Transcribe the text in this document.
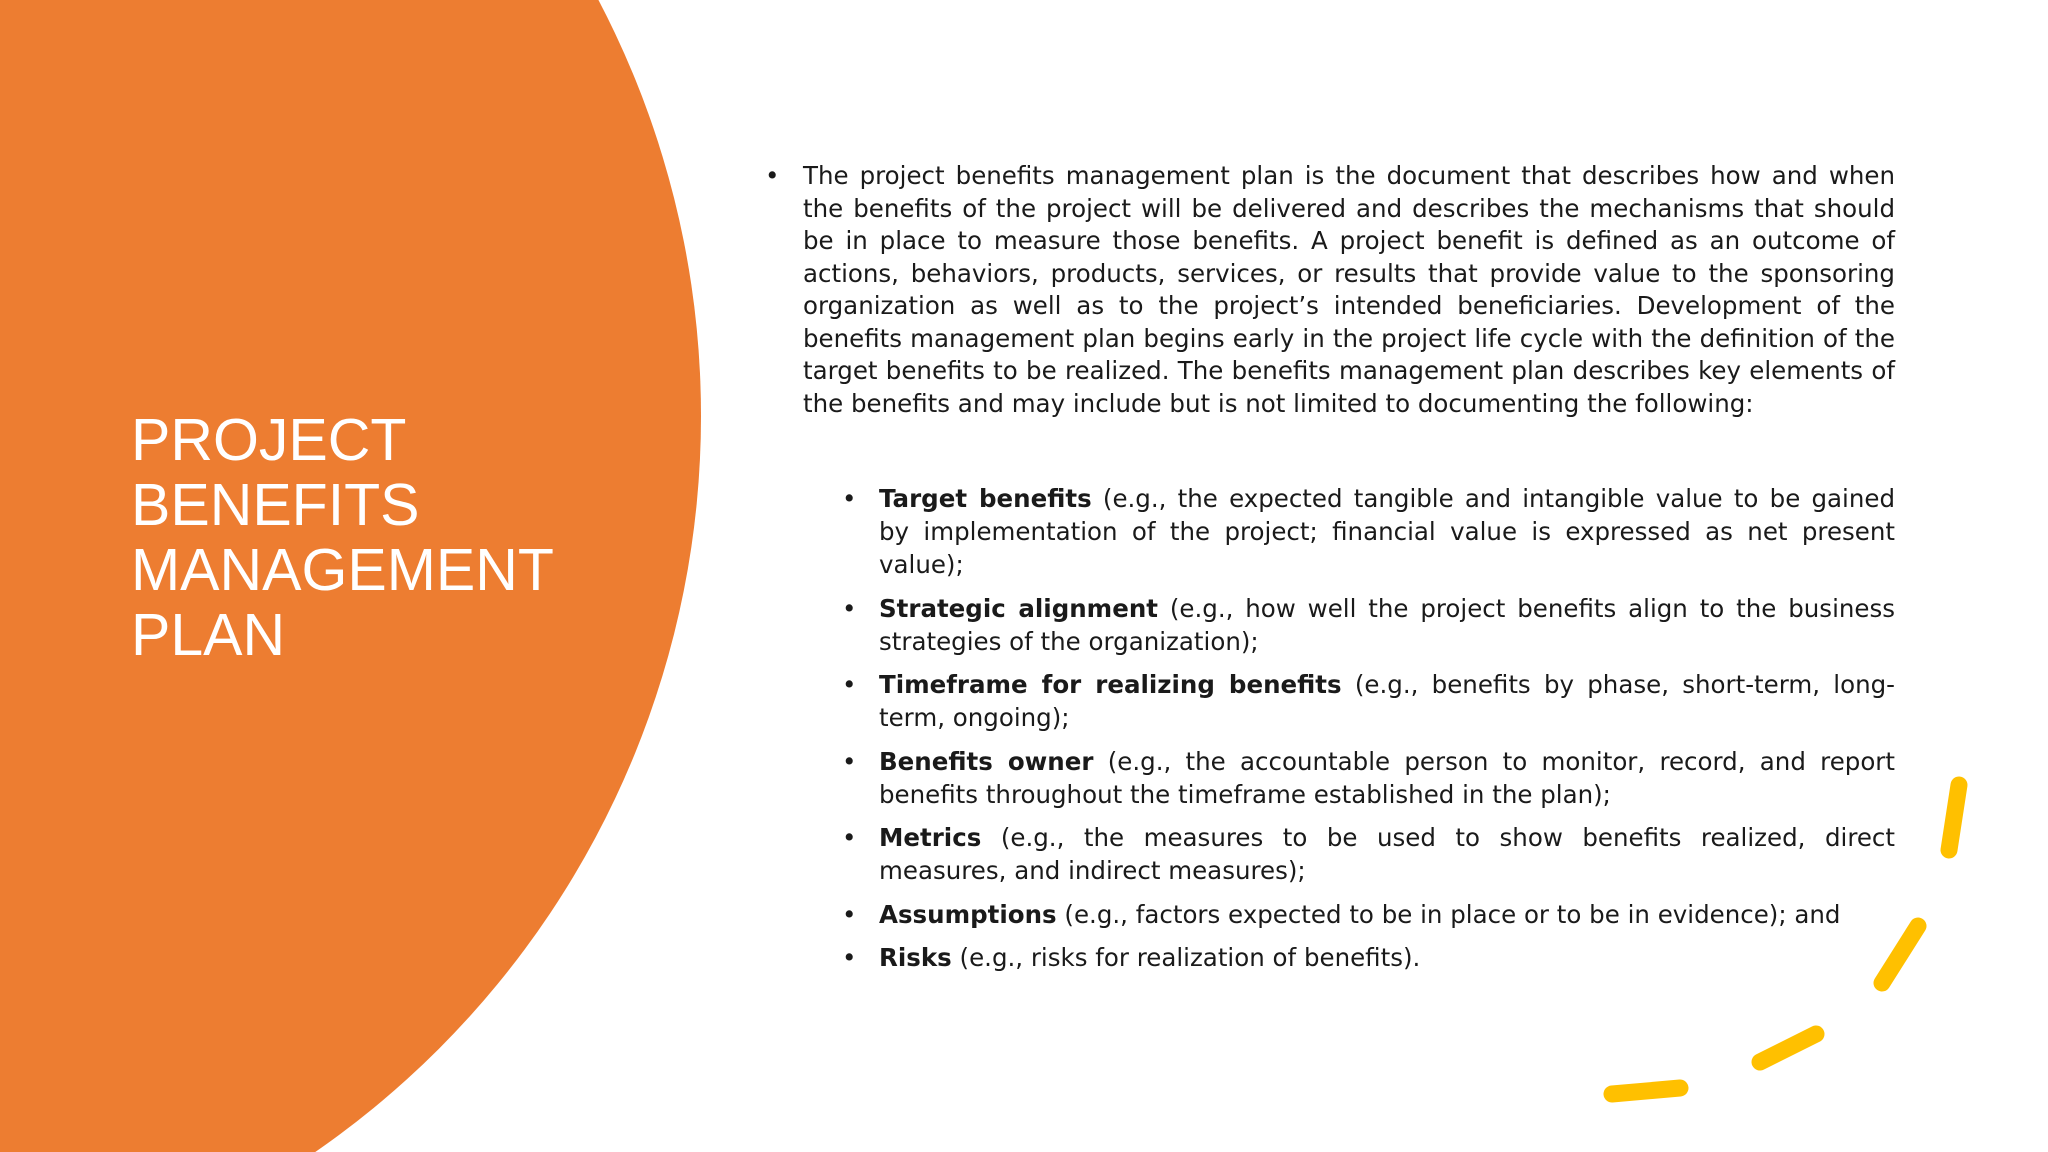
PROJECT BENEFITS MANAGEMENT PLAN

• The project benefits management plan is the document that describes how and when the benefits of the project will be delivered and describes the mechanisms that should be in place to measure those benefits. A project benefit is defined as an outcome of actions, behaviors, products, services, or results that provide value to the sponsoring organization as well as to the project’s intended beneficiaries. Development of the benefits management plan begins early in the project life cycle with the definition of the target benefits to be realized. The benefits management plan describes key elements of the benefits and may include but is not limited to documenting the following:

• Target benefits (e.g., the expected tangible and intangible value to be gained by implementation of the project; financial value is expressed as net present value);
• Strategic alignment (e.g., how well the project benefits align to the business strategies of the organization);
• Timeframe for realizing benefits (e.g., benefits by phase, short-term, long-term, ongoing);
• Benefits owner (e.g., the accountable person to monitor, record, and report benefits throughout the timeframe established in the plan);
• Metrics (e.g., the measures to be used to show benefits realized, direct measures, and indirect measures);
• Assumptions (e.g., factors expected to be in place or to be in evidence); and
• Risks (e.g., risks for realization of benefits).
